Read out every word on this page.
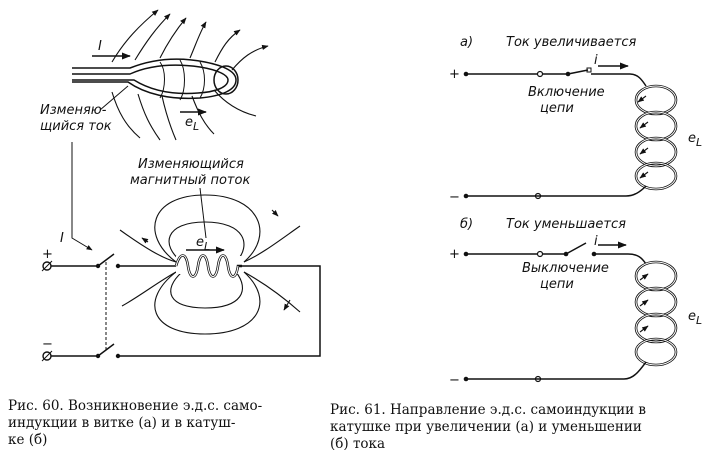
I
$e_L$
Изменяю-
щийся ток
Изменяющийся
магнитный поток
+
−
I	$e_L$
Рис. 60. Возникновение э.д.с. само-
индукции в витке (а) и в катуш-
ке (б)
а)	Ток увеличивается
+
−
i
Включение
цепи
$e_L$
б)	Ток уменьшается
+
−
i
Выключение
цепи
$e_L$
Рис. 61. Направление э.д.с. самоиндукции в
катушке при увеличении (а) и уменьшении
(б) тока
